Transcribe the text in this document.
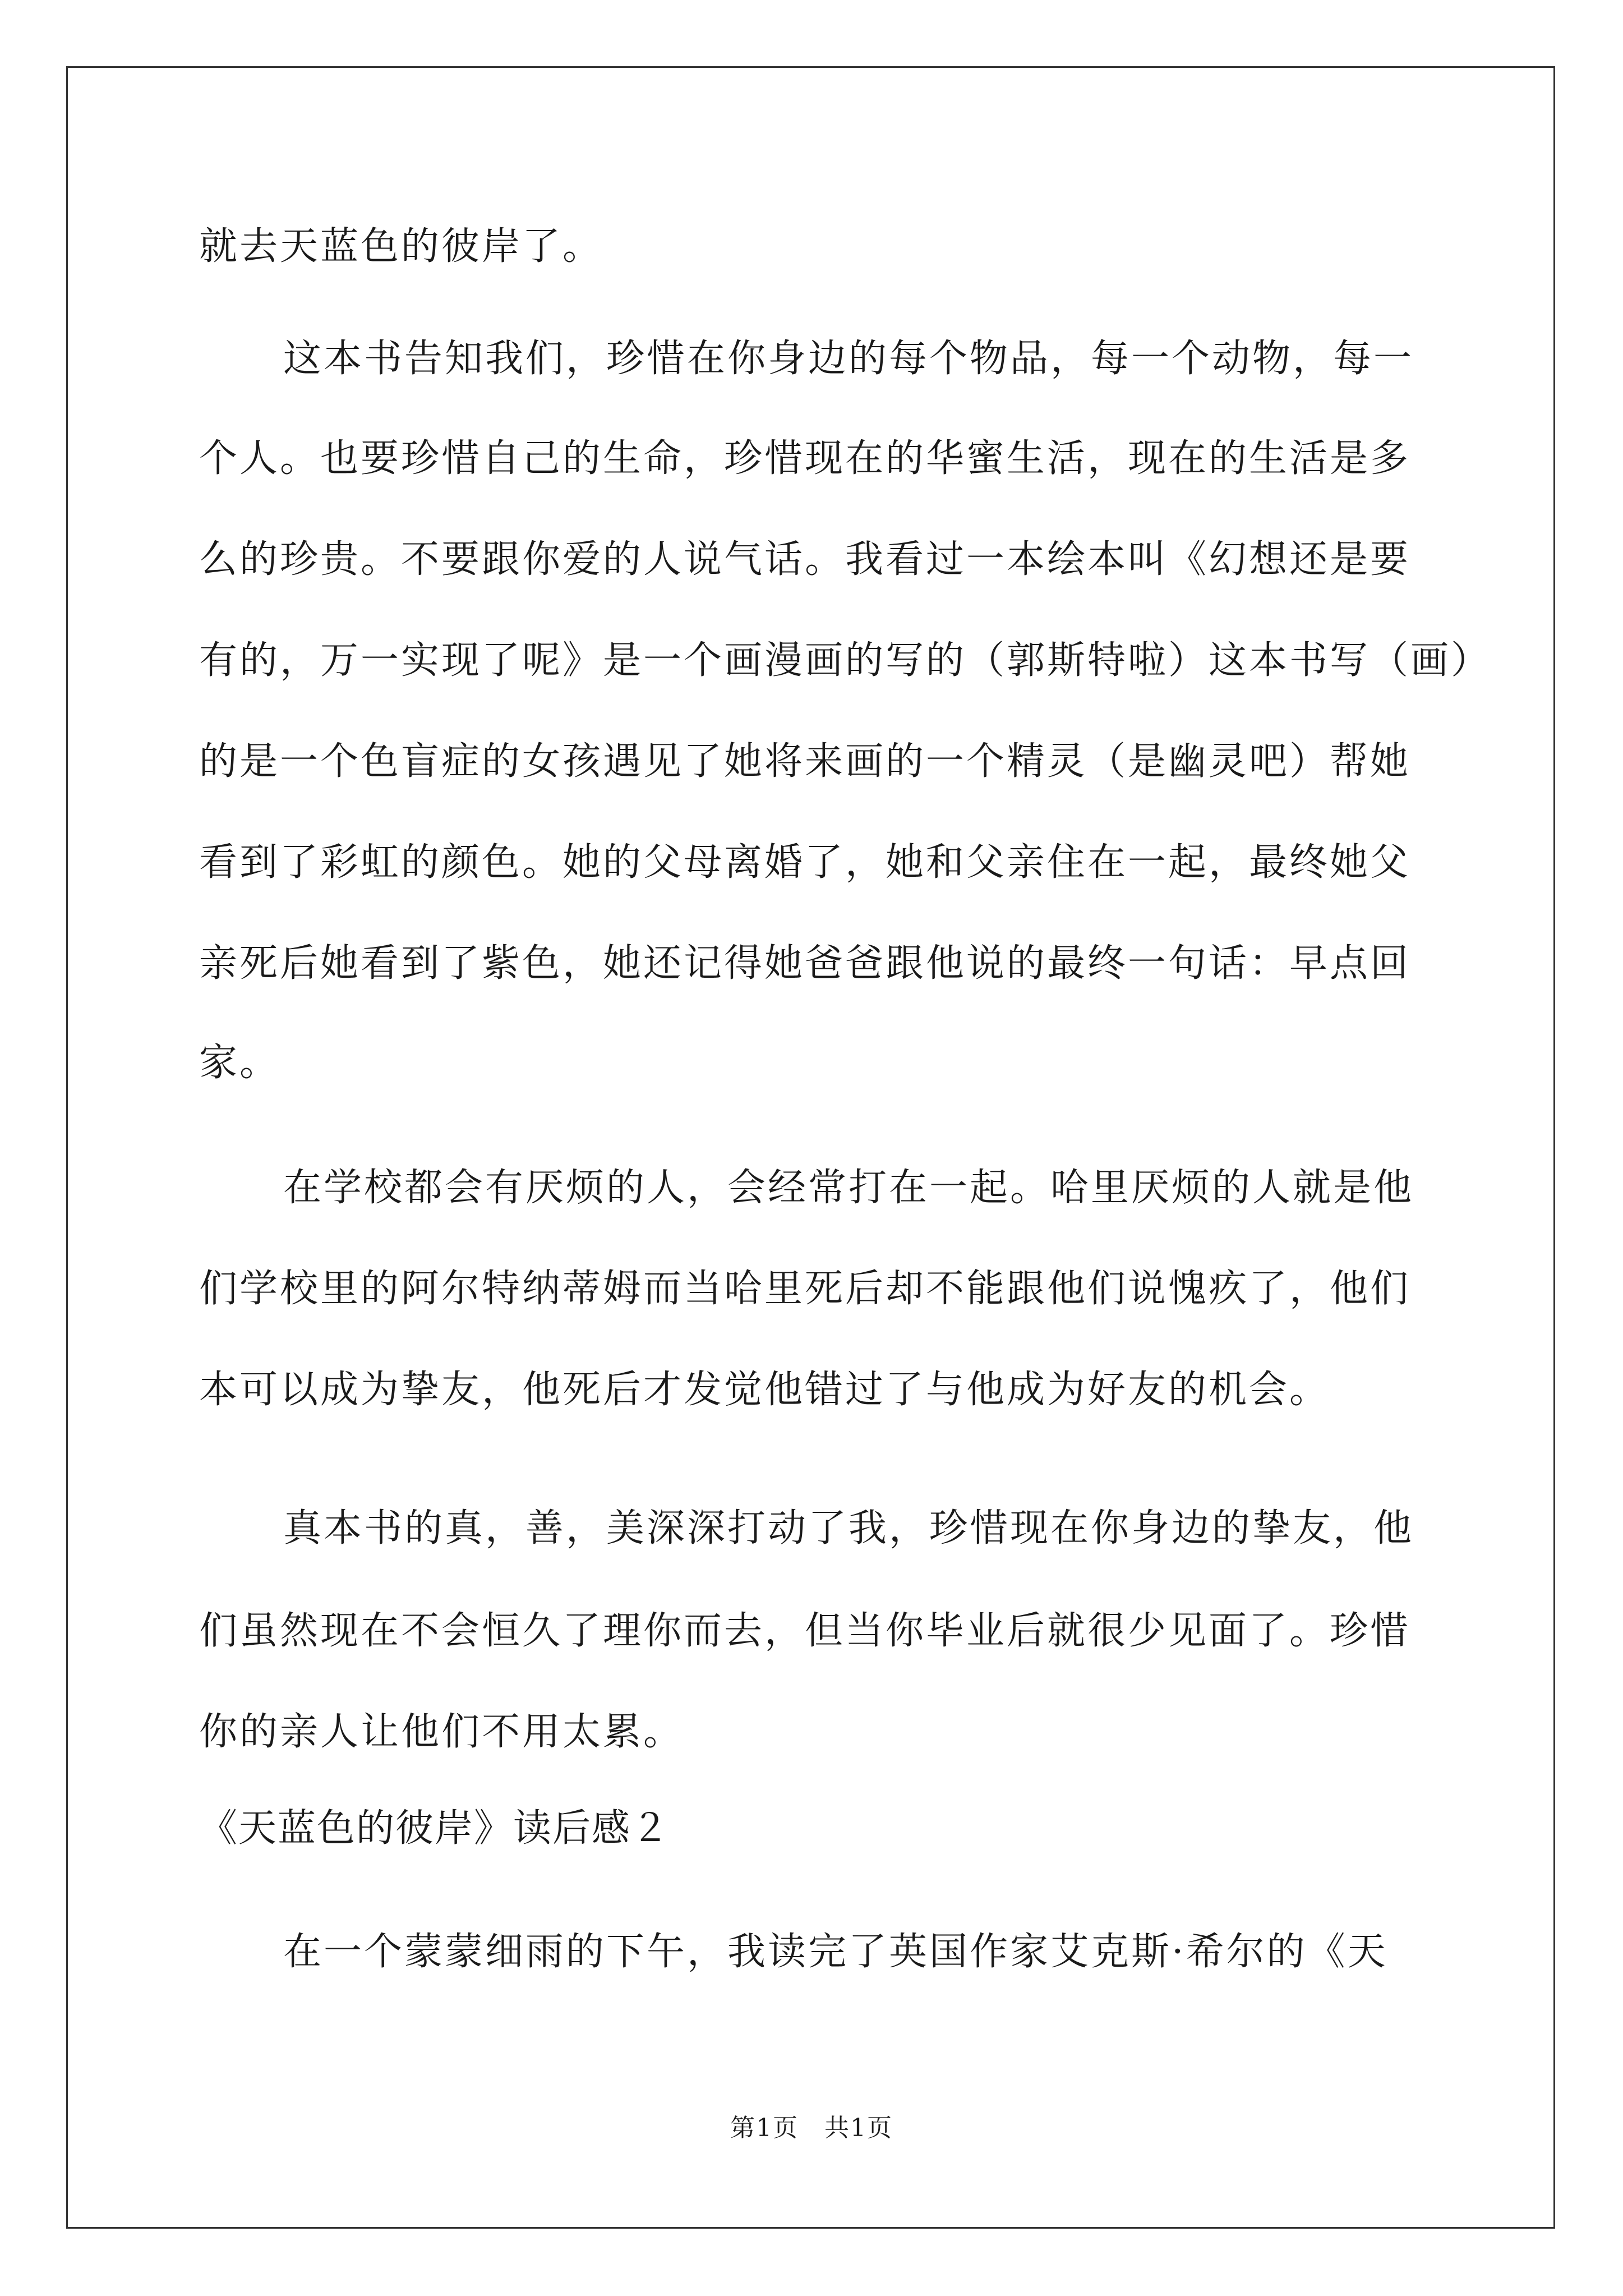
就去天蓝色的彼岸了。
这本书告知我们，珍惜在你身边的每个物品，每一个动物，每一
个人。也要珍惜自己的生命，珍惜现在的华蜜生活，现在的生活是多
么的珍贵。不要跟你爱的人说气话。我看过一本绘本叫《幻想还是要
有的，万一实现了呢》是一个画漫画的写的（郭斯特啦）这本书写（画）
的是一个色盲症的女孩遇见了她将来画的一个精灵（是幽灵吧）帮她
看到了彩虹的颜色。她的父母离婚了，她和父亲住在一起，最终她父
亲死后她看到了紫色，她还记得她爸爸跟他说的最终一句话：早点回
家。
在学校都会有厌烦的人，会经常打在一起。哈里厌烦的人就是他
们学校里的阿尔特纳蒂姆而当哈里死后却不能跟他们说愧疚了，他们
本可以成为挚友，他死后才发觉他错过了与他成为好友的机会。
真本书的真，善，美深深打动了我，珍惜现在你身边的挚友，他
们虽然现在不会恒久了理你而去，但当你毕业后就很少见面了。珍惜
你的亲人让他们不用太累。
《天蓝色的彼岸》读后感２
在一个蒙蒙细雨的下午，我读完了英国作家艾克斯·希尔的《天
第1页　共1页
